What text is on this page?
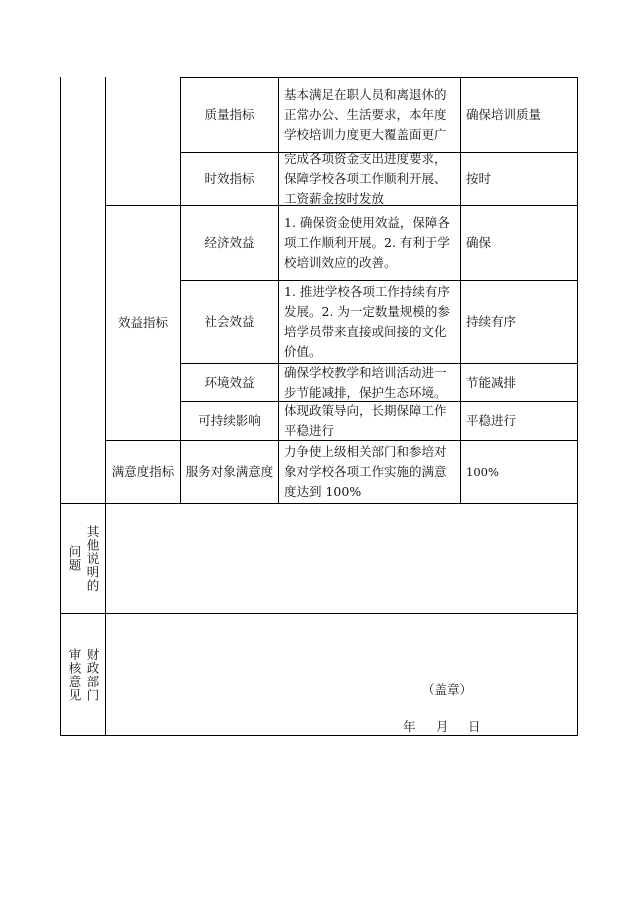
质量指标
基本满足在职人员和离退休的正常办公、生活要求，本年度学校培训力度更大覆盖面更广
确保培训质量
时效指标
完成各项资金支出进度要求，保障学校各项工作顺利开展、工资薪金按时发放
按时
效益指标
经济效益
1. 确保资金使用效益，保障各项工作顺利开展。2. 有利于学校培训效应的改善。
确保
社会效益
1. 推进学校各项工作持续有序发展。2. 为一定数量规模的参培学员带来直接或间接的文化价值。
持续有序
环境效益
确保学校教学和培训活动进一步节能减排，保护生态环境。
节能减排
可持续影响
体现政策导向，长期保障工作平稳进行
平稳进行
满意度指标 服务对象满意度
力争使上级相关部门和参培对象对学校各项工作实施的满意度达到 100%
100%
其他说明的
问题
财政部门
审核意见	（盖章）
年 月 日
